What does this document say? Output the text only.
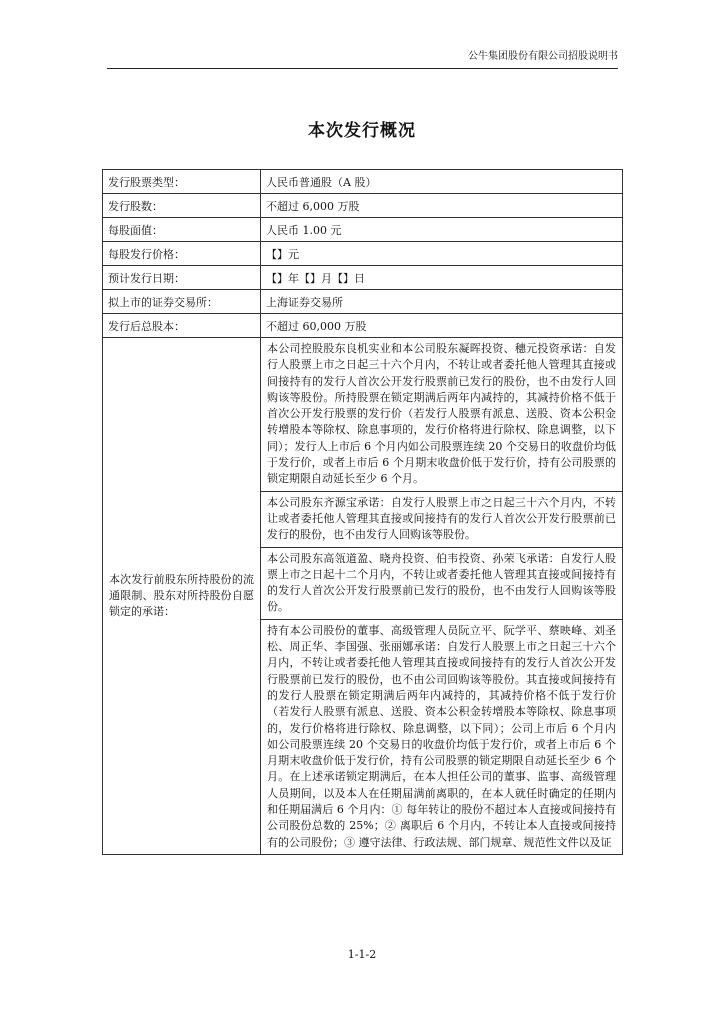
公牛集团股份有限公司招股说明书
本次发行概况
发行股票类型：	人民币普通股（A 股）
发行股数：	不超过 6,000 万股
每股面值：	人民币 1.00 元
每股发行价格：	【】元
预计发行日期：	【】年【】月【】日
拟上市的证券交易所：	上海证券交易所
发行后总股本：	不超过 60,000 万股
本次发行前股东所持股份的流通限制、股东对所持股份自愿锁定的承诺：	本公司控股股东良机实业和本公司股东凝晖投资、穗元投资承诺：自发行人股票上市之日起三十六个月内，不转让或者委托他人管理其直接或间接持有的发行人首次公开发行股票前已发行的股份，也不由发行人回购该等股份。所持股票在锁定期满后两年内减持的，其减持价格不低于首次公开发行股票的发行价（若发行人股票有派息、送股、资本公积金转增股本等除权、除息事项的，发行价格将进行除权、除息调整，以下同）；发行人上市后 6 个月内如公司股票连续 20 个交易日的收盘价均低于发行价，或者上市后 6 个月期末收盘价低于发行价，持有公司股票的锁定期限自动延长至少 6 个月。
本公司股东齐源宝承诺：自发行人股票上市之日起三十六个月内，不转让或者委托他人管理其直接或间接持有的发行人首次公开发行股票前已发行的股份，也不由发行人回购该等股份。
本公司股东高瓴道盈、晓舟投资、伯韦投资、孙荣飞承诺：自发行人股票上市之日起十二个月内，不转让或者委托他人管理其直接或间接持有的发行人首次公开发行股票前已发行的股份，也不由发行人回购该等股份。
持有本公司股份的董事、高级管理人员阮立平、阮学平、蔡映峰、刘圣松、周正华、李国强、张丽娜承诺：自发行人股票上市之日起三十六个月内，不转让或者委托他人管理其直接或间接持有的发行人首次公开发行股票前已发行的股份，也不由公司回购该等股份。其直接或间接持有的发行人股票在锁定期满后两年内减持的，其减持价格不低于发行价（若发行人股票有派息、送股、资本公积金转增股本等除权、除息事项的，发行价格将进行除权、除息调整，以下同）；公司上市后 6 个月内如公司股票连续 20 个交易日的收盘价均低于发行价，或者上市后 6 个月期末收盘价低于发行价，持有公司股票的锁定期限自动延长至少 6 个月。在上述承诺锁定期满后，在本人担任公司的董事、监事、高级管理人员期间，以及本人在任期届满前离职的，在本人就任时确定的任期内和任期届满后 6 个月内：① 每年转让的股份不超过本人直接或间接持有公司股份总数的 25%；② 离职后 6 个月内，不转让本人直接或间接持有的公司股份；③ 遵守法律、行政法规、部门规章、规范性文件以及证
1-1-2
